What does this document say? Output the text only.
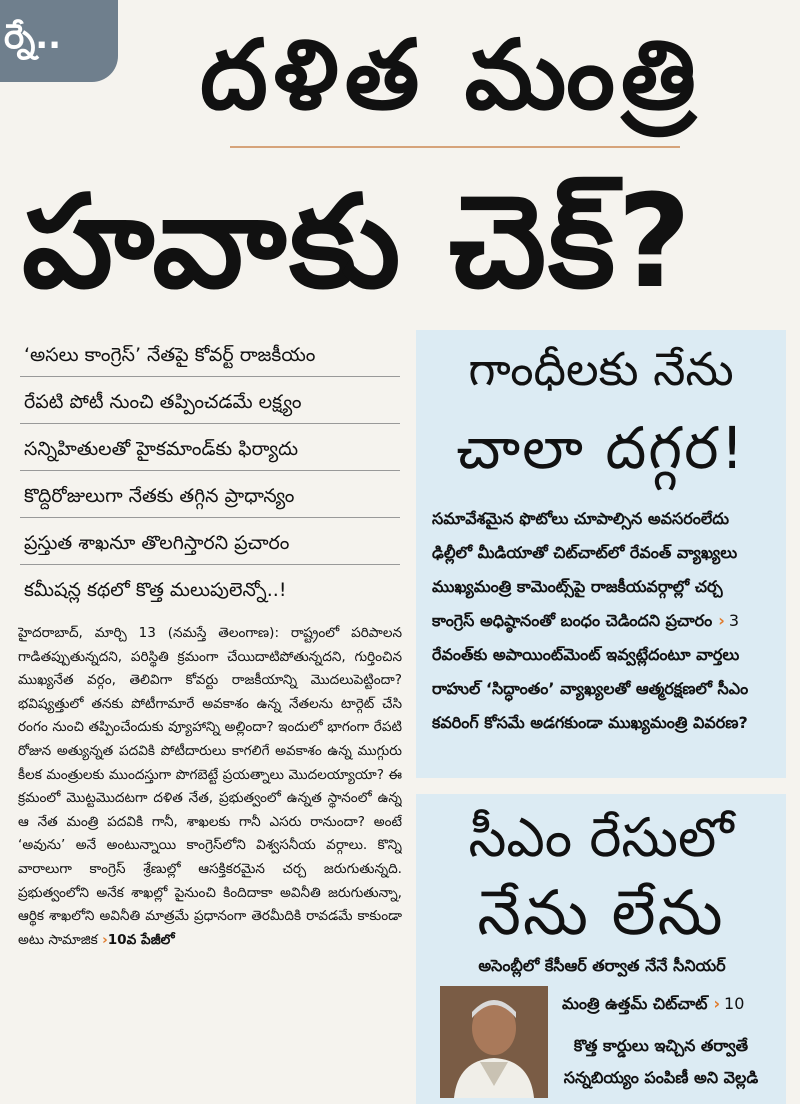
ర్నే..	దళిత మంత్రి
హవాకు చెక్?
‘అసలు కాంగ్రెస్’ నేతపై కోవర్ట్ రాజకీయం
రేపటి పోటీ నుంచి తప్పించడమే లక్ష్యం
సన్నిహితులతో హైకమాండ్‌కు ఫిర్యాదు
కొద్దిరోజులుగా నేతకు తగ్గిన ప్రాధాన్యం
ప్రస్తుత శాఖనూ తొలగిస్తారని ప్రచారం
కమీషన్ల కథలో కొత్త మలుపులెన్నో..!
హైదరాబాద్, మార్చి 13 (నమస్తే తెలంగాణ): రాష్ట్రంలో పరిపాలన గాడితప్పుతున్నదని, పరిస్థితి క్రమంగా చేయిదాటిపోతున్నదని, గుర్తించిన ముఖ్యనేత వర్గం, తెలివిగా కోవర్టు రాజకీయాన్ని మొదలుపెట్టిందా? భవిష్యత్తులో తనకు పోటీగామారే అవకాశం ఉన్న నేతలను టార్గెట్ చేసి రంగం నుంచి తప్పించేందుకు వ్యూహాన్ని అల్లిందా? ఇందులో భాగంగా రేపటి రోజున అత్యున్నత పదవికి పోటీదారులు కాగలిగే అవకాశం ఉన్న ముగ్గురు కీలక మంత్రులకు ముందస్తుగా పొగబెట్టే ప్రయత్నాలు మొదలయ్యాయా? ఈ క్రమంలో మొట్టమొదటగా దళిత నేత, ప్రభుత్వంలో ఉన్నత స్థానంలో ఉన్న ఆ నేత మంత్రి పదవికి గానీ, శాఖలకు గానీ ఎసరు రానుందా? అంటే ‘అవును’ అనే అంటున్నాయి కాంగ్రెస్‌లోని విశ్వసనీయ వర్గాలు. కొన్ని వారాలుగా కాంగ్రెస్ శ్రేణుల్లో ఆసక్తికరమైన చర్చ జరుగుతున్నది. ప్రభుత్వంలోని అనేక శాఖల్లో పైనుంచి కిందిదాకా అవినీతి జరుగుతున్నా, ఆర్థిక శాఖలోని అవినీతి మాత్రమే ప్రధానంగా తెరమీదికి రావడమే కాకుండా అటు సామాజిక ›10వ పేజీలో
గాంధీలకు నేను
చాలా దగ్గర!
సమావేశమైన ఫొటోలు చూపాల్సిన అవసరంలేదు
ఢిల్లీలో మీడియాతో చిట్‌చాట్‌లో రేవంత్ వ్యాఖ్యలు
ముఖ్యమంత్రి కామెంట్స్‌పై రాజకీయవర్గాల్లో చర్చ
కాంగ్రెస్ అధిష్ఠానంతో బంధం చెడిందని ప్రచారం › 3
రేవంత్‌కు అపాయింట్‌మెంట్ ఇవ్వట్లేదంటూ వార్తలు
రాహుల్ ‘సిద్ధాంతం’ వ్యాఖ్యలతో ఆత్మరక్షణలో సీఎం
కవరింగ్ కోసమే అడగకుండా ముఖ్యమంత్రి వివరణ?
సీఎం రేసులో
నేను లేను
అసెంబ్లీలో కేసీఆర్ తర్వాత నేనే సీనియర్
మంత్రి ఉత్తమ్ చిట్‌చాట్ › 10
కొత్త కార్డులు ఇచ్చిన తర్వాతే
సన్నబియ్యం పంపిణీ అని వెల్లడి
